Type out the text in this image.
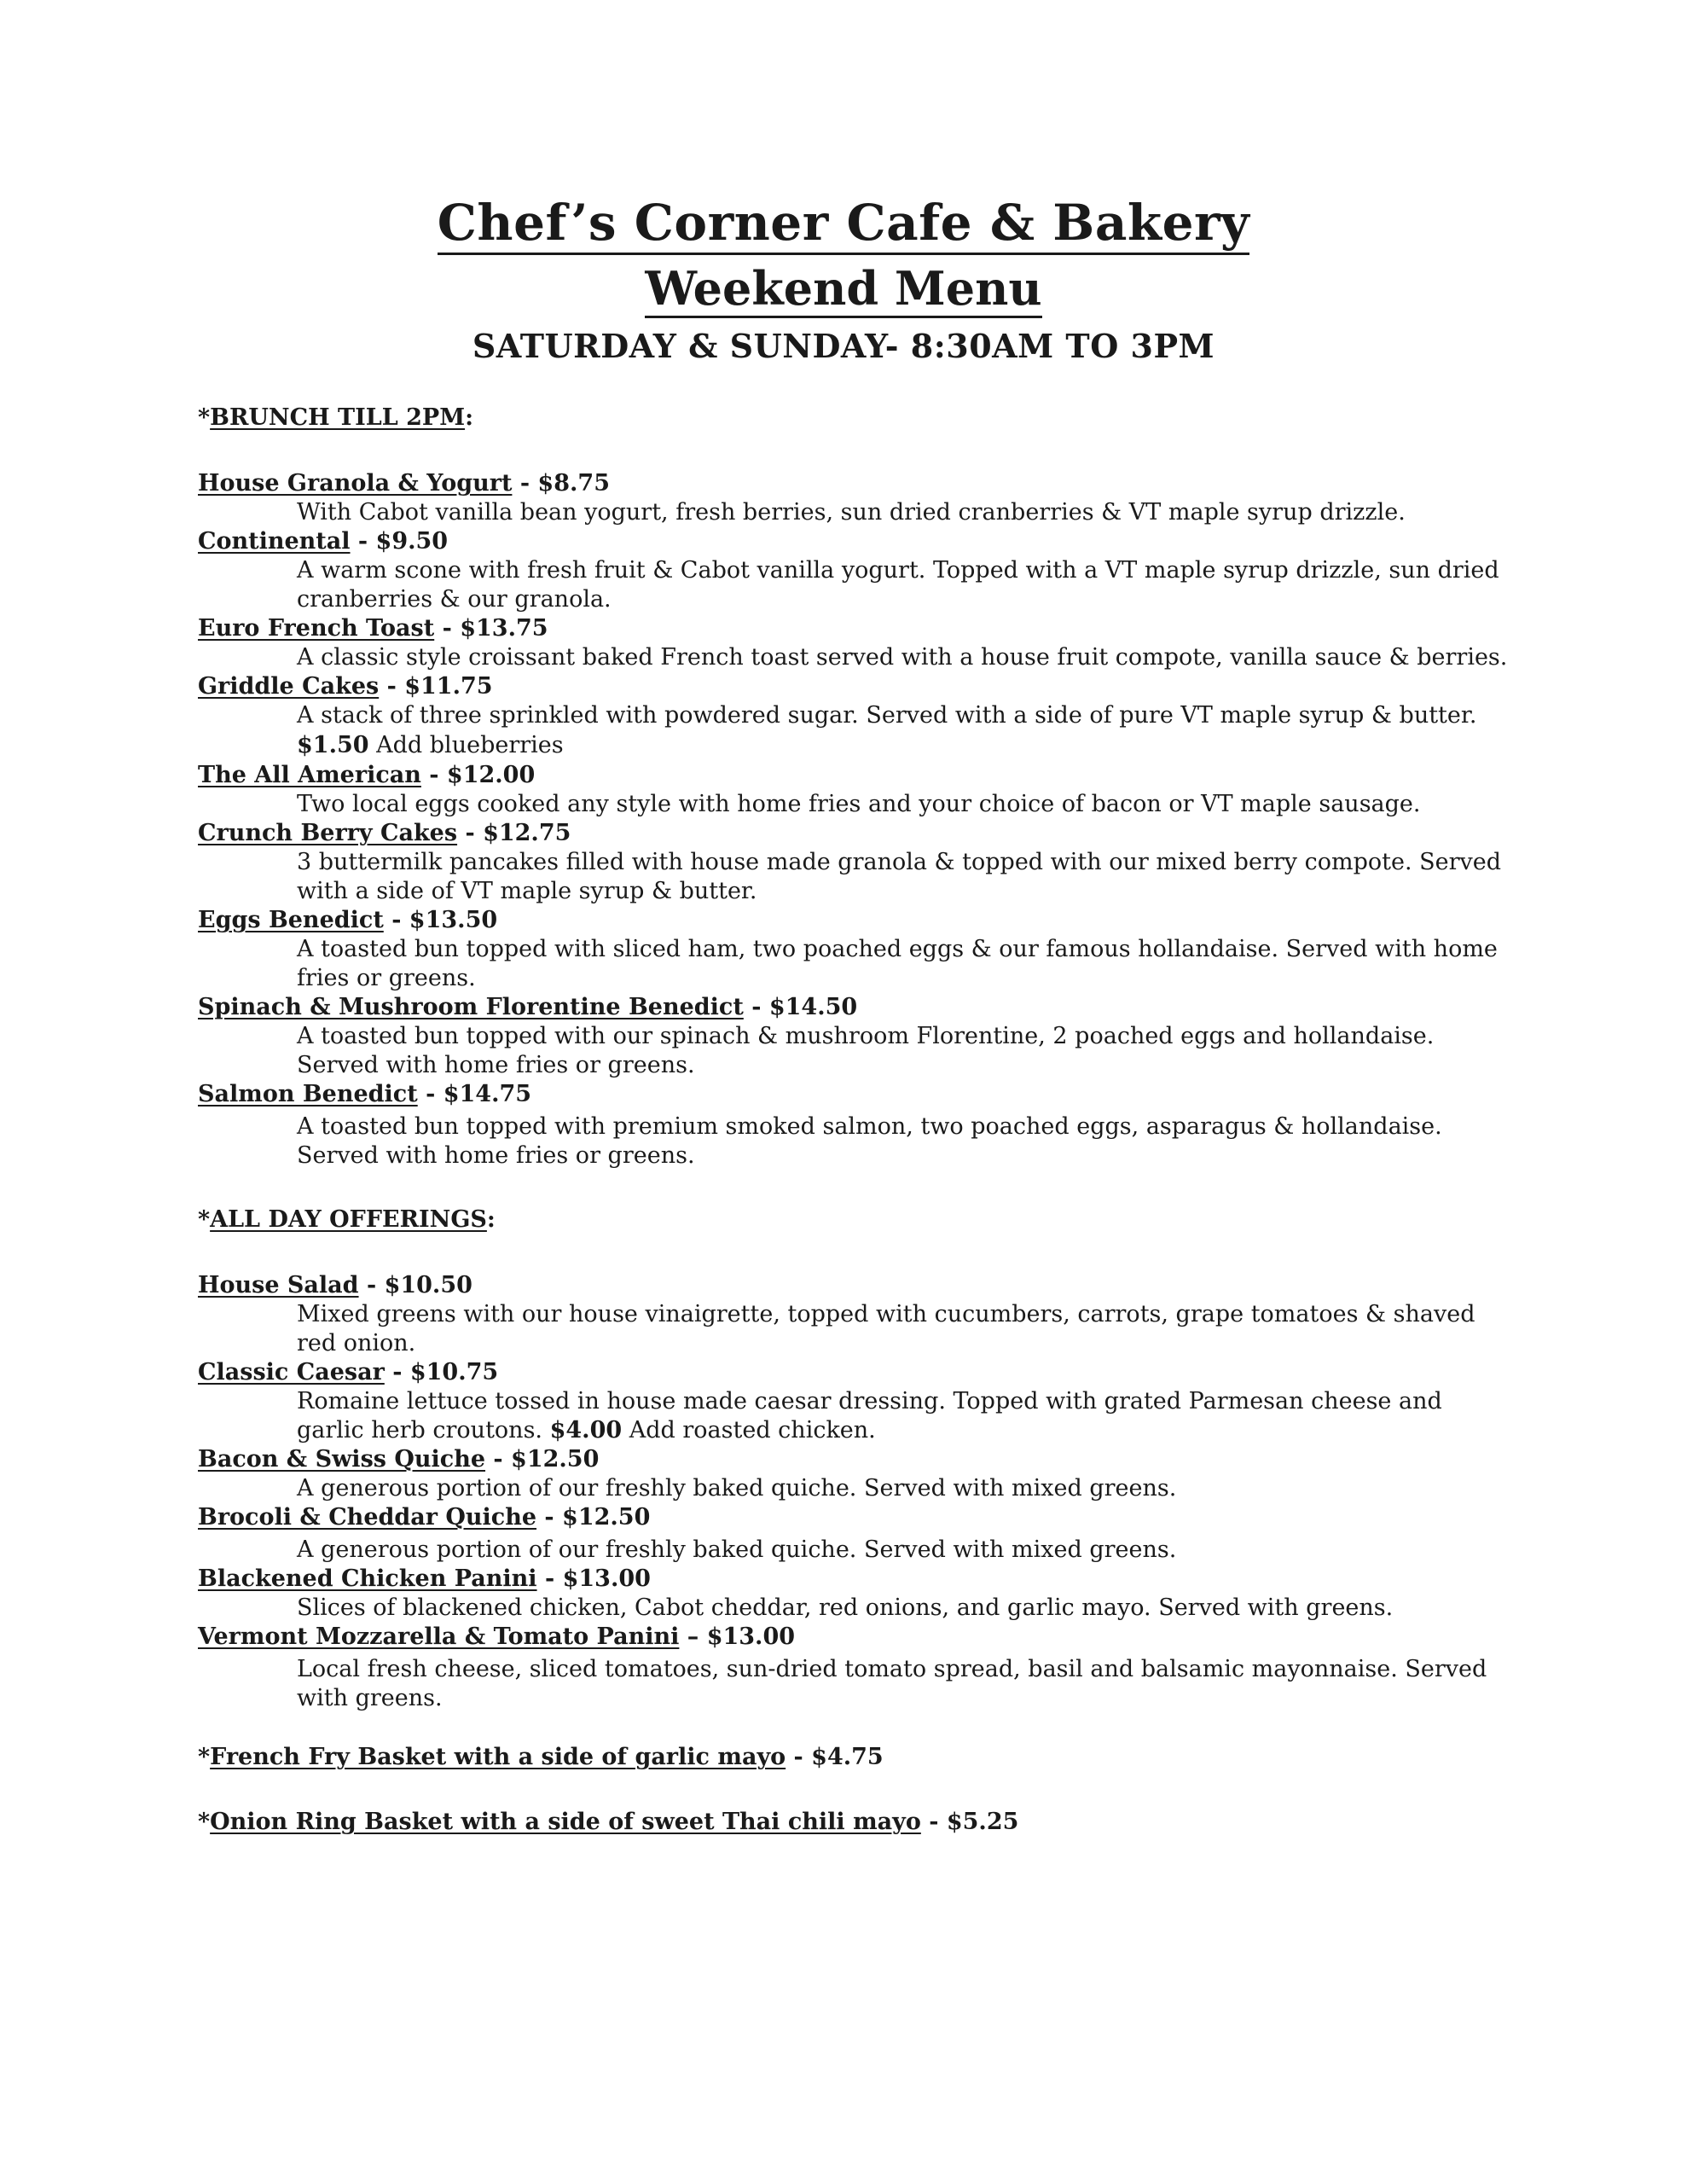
Chef’s Corner Cafe & Bakery
Weekend Menu
SATURDAY & SUNDAY- 8:30AM TO 3PM
*BRUNCH TILL 2PM:
House Granola & Yogurt - $8.75
With Cabot vanilla bean yogurt, fresh berries, sun dried cranberries & VT maple syrup drizzle.
Continental - $9.50
A warm scone with fresh fruit & Cabot vanilla yogurt. Topped with a VT maple syrup drizzle, sun dried cranberries & our granola.
Euro French Toast - $13.75
A classic style croissant baked French toast served with a house fruit compote, vanilla sauce & berries.
Griddle Cakes - $11.75
A stack of three sprinkled with powdered sugar. Served with a side of pure VT maple syrup & butter.
$1.50 Add blueberries
The All American - $12.00
Two local eggs cooked any style with home fries and your choice of bacon or VT maple sausage.
Crunch Berry Cakes - $12.75
3 buttermilk pancakes filled with house made granola & topped with our mixed berry compote. Served with a side of VT maple syrup & butter.
Eggs Benedict - $13.50
A toasted bun topped with sliced ham, two poached eggs & our famous hollandaise. Served with home fries or greens.
Spinach & Mushroom Florentine Benedict - $14.50
A toasted bun topped with our spinach & mushroom Florentine, 2 poached eggs and hollandaise. Served with home fries or greens.
Salmon Benedict - $14.75
A toasted bun topped with premium smoked salmon, two poached eggs, asparagus & hollandaise. Served with home fries or greens.
*ALL DAY OFFERINGS:
House Salad - $10.50
Mixed greens with our house vinaigrette, topped with cucumbers, carrots, grape tomatoes & shaved red onion.
Classic Caesar - $10.75
Romaine lettuce tossed in house made caesar dressing. Topped with grated Parmesan cheese and garlic herb croutons. $4.00 Add roasted chicken.
Bacon & Swiss Quiche - $12.50
A generous portion of our freshly baked quiche. Served with mixed greens.
Brocoli & Cheddar Quiche - $12.50
A generous portion of our freshly baked quiche. Served with mixed greens.
Blackened Chicken Panini - $13.00
Slices of blackened chicken, Cabot cheddar, red onions, and garlic mayo. Served with greens.
Vermont Mozzarella & Tomato Panini – $13.00
Local fresh cheese, sliced tomatoes, sun-dried tomato spread, basil and balsamic mayonnaise. Served with greens.
*French Fry Basket with a side of garlic mayo - $4.75
*Onion Ring Basket with a side of sweet Thai chili mayo - $5.25
